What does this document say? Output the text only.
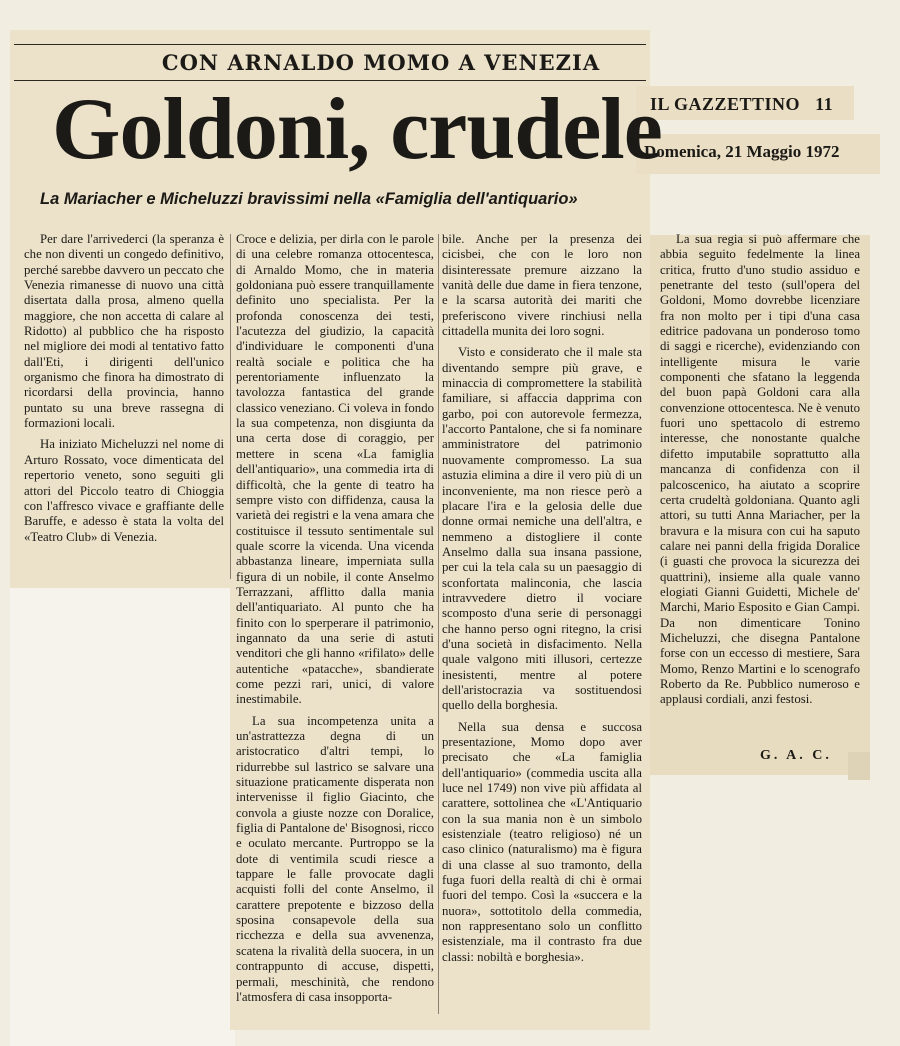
CON ARNALDO MOMO A VENEZIA
Goldoni, crudele
IL GAZZETTINO 11
Domenica, 21 Maggio 1972
La Mariacher e Micheluzzi bravissimi nella «Famiglia dell'antiquario»

Per dare l'arrivederci (la speranza è che non diventi un congedo definitivo, perché sarebbe davvero un peccato che Venezia rimanesse di nuovo una città disertata dalla prosa, almeno quella maggiore, che non accetta di calare al Ridotto) al pubblico che ha risposto nel migliore dei modi al tentativo fatto dall'Eti, i dirigenti dell'unico organismo che finora ha dimostrato di ricordarsi della provincia, hanno puntato su una breve rassegna di formazioni locali.

Ha iniziato Micheluzzi nel nome di Arturo Rossato, voce dimenticata del repertorio veneto, sono seguiti gli attori del Piccolo teatro di Chioggia con l'affresco vivace e graffiante delle Baruffe, e adesso è stata la volta del «Teatro Club» di Venezia.

Croce e delizia, per dirla con le parole di una celebre romanza ottocentesca, di Arnaldo Momo, che in materia goldoniana può essere tranquillamente definito uno specialista. Per la profonda conoscenza dei testi, l'acutezza del giudizio, la capacità d'individuare le componenti d'una realtà sociale e politica che ha perentoriamente influenzato la tavolozza fantastica del grande classico veneziano. Ci voleva in fondo la sua competenza, non disgiunta da una certa dose di coraggio, per mettere in scena «La famiglia dell'antiquario», una commedia irta di difficoltà, che la gente di teatro ha sempre visto con diffidenza, causa la varietà dei registri e la vena amara che costituisce il tessuto sentimentale sul quale scorre la vicenda. Una vicenda abbastanza lineare, imperniata sulla figura di un nobile, il conte Anselmo Terrazzani, afflitto dalla mania dell'antiquariato. Al punto che ha finito con lo sperperare il patrimonio, ingannato da una serie di astuti venditori che gli hanno «rifilato» delle autentiche «patacche», sbandierate come pezzi rari, unici, di valore inestimabile.

La sua incompetenza unita a un'astrattezza degna di un aristocratico d'altri tempi, lo ridurrebbe sul lastrico se salvare una situazione praticamente disperata non intervenisse il figlio Giacinto, che convola a giuste nozze con Doralice, figlia di Pantalone de' Bisognosi, ricco e oculato mercante. Purtroppo se la dote di ventimila scudi riesce a tappare le falle provocate dagli acquisti folli del conte Anselmo, il carattere prepotente e bizzoso della sposina consapevole della sua ricchezza e della sua avvenenza, scatena la rivalità della suocera, in un contrappunto di accuse, dispetti, permali, meschinità, che rendono l'atmosfera di casa insopporta-

bile. Anche per la presenza dei cicisbei, che con le loro non disinteressate premure aizzano la vanità delle due dame in fiera tenzone, e la scarsa autorità dei mariti che preferiscono vivere rinchiusi nella cittadella munita dei loro sogni.

Visto e considerato che il male sta diventando sempre più grave, e minaccia di compromettere la stabilità familiare, si affaccia dapprima con garbo, poi con autorevole fermezza, l'accorto Pantalone, che si fa nominare amministratore del patrimonio nuovamente compromesso. La sua astuzia elimina a dire il vero più di un inconveniente, ma non riesce però a placare l'ira e la gelosia delle due donne ormai nemiche una dell'altra, e nemmeno a distogliere il conte Anselmo dalla sua insana passione, per cui la tela cala su un paesaggio di sconfortata malinconia, che lascia intravvedere dietro il vociare scomposto d'una serie di personaggi che hanno perso ogni ritegno, la crisi d'una società in disfacimento. Nella quale valgono miti illusori, certezze inesistenti, mentre al potere dell'aristocrazia va sostituendosi quello della borghesia.

Nella sua densa e succosa presentazione, Momo dopo aver precisato che «La famiglia dell'antiquario» (commedia uscita alla luce nel 1749) non vive più affidata al carattere, sottolinea che «L'Antiquario con la sua mania non è un simbolo esistenziale (teatro religioso) né un caso clinico (naturalismo) ma è figura di una classe al suo tramonto, della fuga fuori della realtà di chi è ormai fuori del tempo. Così la «succera e la nuora», sottotitolo della commedia, non rappresentano solo un conflitto esistenziale, ma il contrasto fra due classi: nobiltà e borghesia».

La sua regia si può affermare che abbia seguito fedelmente la linea critica, frutto d'uno studio assiduo e penetrante del testo (sull'opera del Goldoni, Momo dovrebbe licenziare fra non molto per i tipi d'una casa editrice padovana un ponderoso tomo di saggi e ricerche), evidenziando con intelligente misura le varie componenti che sfatano la leggenda del buon papà Goldoni cara alla convenzione ottocentesca. Ne è venuto fuori uno spettacolo di estremo interesse, che nonostante qualche difetto imputabile soprattutto alla mancanza di confidenza con il palcoscenico, ha aiutato a scoprire certa crudeltà goldoniana. Quanto agli attori, su tutti Anna Mariacher, per la bravura e la misura con cui ha saputo calare nei panni della frigida Doralice (i guasti che provoca la sicurezza dei quattrini), insieme alla quale vanno elogiati Gianni Guidetti, Michele de' Marchi, Mario Esposito e Gian Campi. Da non dimenticare Tonino Micheluzzi, che disegna Pantalone forse con un eccesso di mestiere, Sara Momo, Renzo Martini e lo scenografo Roberto da Re. Pubblico numeroso e applausi cordiali, anzi festosi.

G. A. C.
